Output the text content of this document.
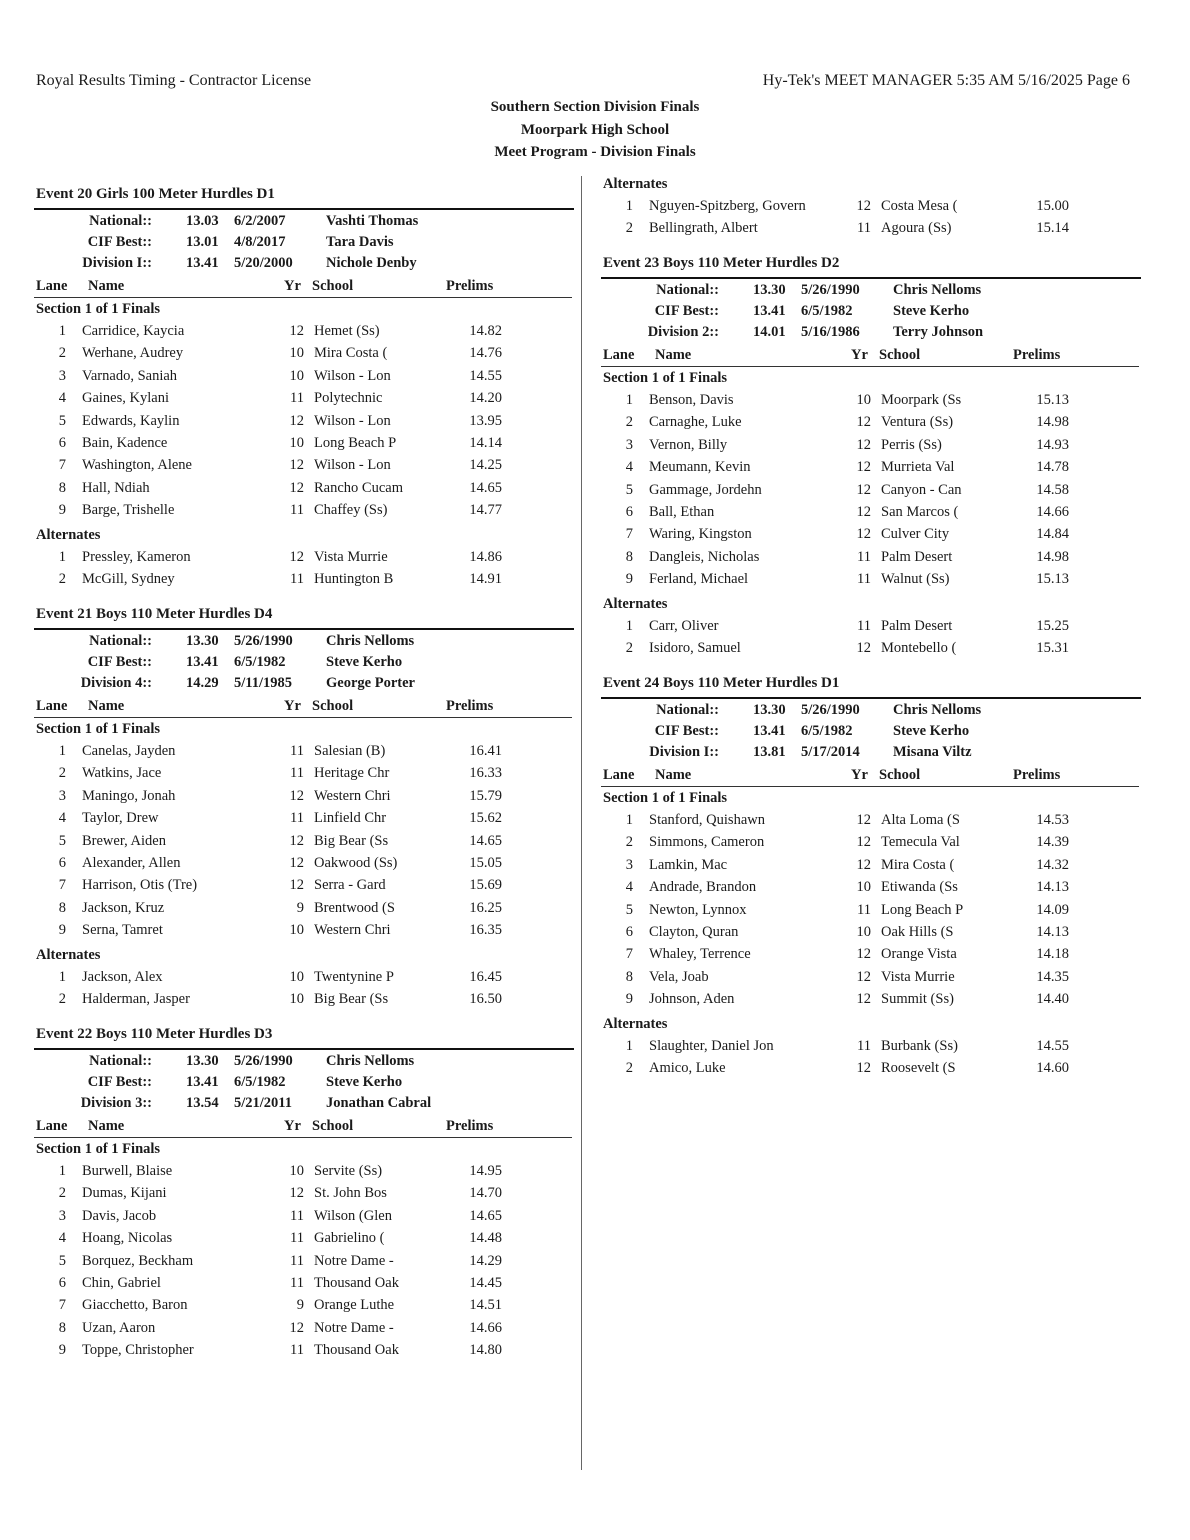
Royal Results Timing - Contractor License	Hy-Tek's MEET MANAGER 5:35 AM 5/16/2025 Page 6
Southern Section Division Finals
Moorpark High School
Meet Program - Division Finals
Event 20 Girls 100 Meter Hurdles D1
National:: 13.03 6/2/2007	Vashti Thomas
CIF Best:: 13.01 4/8/2017	Tara Davis
Division I:: 13.41 5/20/2000 Nichole Denby
Lane Name	Yr School	Prelims
Section 1 of 1 Finals
1 Carridice, Kaycia	12 Hemet (Ss)	14.82
2 Werhane, Audrey	10 Mira Costa (	14.76
3 Varnado, Saniah	10 Wilson - Lon	14.55
4 Gaines, Kylani	11 Polytechnic	14.20
5 Edwards, Kaylin	12 Wilson - Lon	13.95
6 Bain, Kadence	10 Long Beach P	14.14
7 Washington, Alene	12 Wilson - Lon	14.25
8 Hall, Ndiah	12 Rancho Cucam	14.65
9 Barge, Trishelle	11 Chaffey (Ss)	14.77
Alternates
1 Pressley, Kameron	12 Vista Murrie	14.86
2 McGill, Sydney	11 Huntington B	14.91
Event 21 Boys 110 Meter Hurdles D4
National:: 13.30 5/26/1990 Chris Nelloms
CIF Best:: 13.41 6/5/1982	Steve Kerho
Division 4:: 14.29 5/11/1985 George Porter
Lane Name	Yr School	Prelims
Section 1 of 1 Finals
1 Canelas, Jayden	11 Salesian (B)	16.41
2 Watkins, Jace	11 Heritage Chr	16.33
3 Maningo, Jonah	12 Western Chri	15.79
4 Taylor, Drew	11 Linfield Chr	15.62
5 Brewer, Aiden	12 Big Bear (Ss	14.65
6 Alexander, Allen	12 Oakwood (Ss)	15.05
7 Harrison, Otis (Tre)	12 Serra - Gard	15.69
8 Jackson, Kruz	9 Brentwood (S	16.25
9 Serna, Tamret	10 Western Chri	16.35
Alternates
1 Jackson, Alex	10 Twentynine P	16.45
2 Halderman, Jasper	10 Big Bear (Ss	16.50
Event 22 Boys 110 Meter Hurdles D3
National:: 13.30 5/26/1990 Chris Nelloms
CIF Best:: 13.41 6/5/1982	Steve Kerho
Division 3:: 13.54 5/21/2011 Jonathan Cabral
Lane Name	Yr School	Prelims
Section 1 of 1 Finals
1 Burwell, Blaise	10 Servite (Ss)	14.95
2 Dumas, Kijani	12 St. John Bos	14.70
3 Davis, Jacob	11 Wilson (Glen	14.65
4 Hoang, Nicolas	11 Gabrielino (	14.48
5 Borquez, Beckham	11 Notre Dame -	14.29
6 Chin, Gabriel	11 Thousand Oak	14.45
7 Giacchetto, Baron	9 Orange Luthe	14.51
8 Uzan, Aaron	12 Notre Dame -	14.66
9 Toppe, Christopher	11 Thousand Oak	14.80
Alternates
1 Nguyen-Spitzberg, Govern	12 Costa Mesa (	15.00
2 Bellingrath, Albert	11 Agoura (Ss)	15.14
Event 23 Boys 110 Meter Hurdles D2
National:: 13.30 5/26/1990 Chris Nelloms
CIF Best:: 13.41 6/5/1982	Steve Kerho
Division 2:: 14.01 5/16/1986 Terry Johnson
Lane Name	Yr School	Prelims
Section 1 of 1 Finals
1 Benson, Davis	10 Moorpark (Ss	15.13
2 Carnaghe, Luke	12 Ventura (Ss)	14.98
3 Vernon, Billy	12 Perris (Ss)	14.93
4 Meumann, Kevin	12 Murrieta Val	14.78
5 Gammage, Jordehn	12 Canyon - Can	14.58
6 Ball, Ethan	12 San Marcos (	14.66
7 Waring, Kingston	12 Culver City	14.84
8 Dangleis, Nicholas	11 Palm Desert	14.98
9 Ferland, Michael	11 Walnut (Ss)	15.13
Alternates
1 Carr, Oliver	11 Palm Desert	15.25
2 Isidoro, Samuel	12 Montebello (	15.31
Event 24 Boys 110 Meter Hurdles D1
National:: 13.30 5/26/1990 Chris Nelloms
CIF Best:: 13.41 6/5/1982	Steve Kerho
Division I:: 13.81 5/17/2014 Misana Viltz
Lane Name	Yr School	Prelims
Section 1 of 1 Finals
1 Stanford, Quishawn	12 Alta Loma (S	14.53
2 Simmons, Cameron	12 Temecula Val	14.39
3 Lamkin, Mac	12 Mira Costa (	14.32
4 Andrade, Brandon	10 Etiwanda (Ss	14.13
5 Newton, Lynnox	11 Long Beach P	14.09
6 Clayton, Quran	10 Oak Hills (S	14.13
7 Whaley, Terrence	12 Orange Vista	14.18
8 Vela, Joab	12 Vista Murrie	14.35
9 Johnson, Aden	12 Summit (Ss)	14.40
Alternates
1 Slaughter, Daniel Jon	11 Burbank (Ss)	14.55
2 Amico, Luke	12 Roosevelt (S	14.60
